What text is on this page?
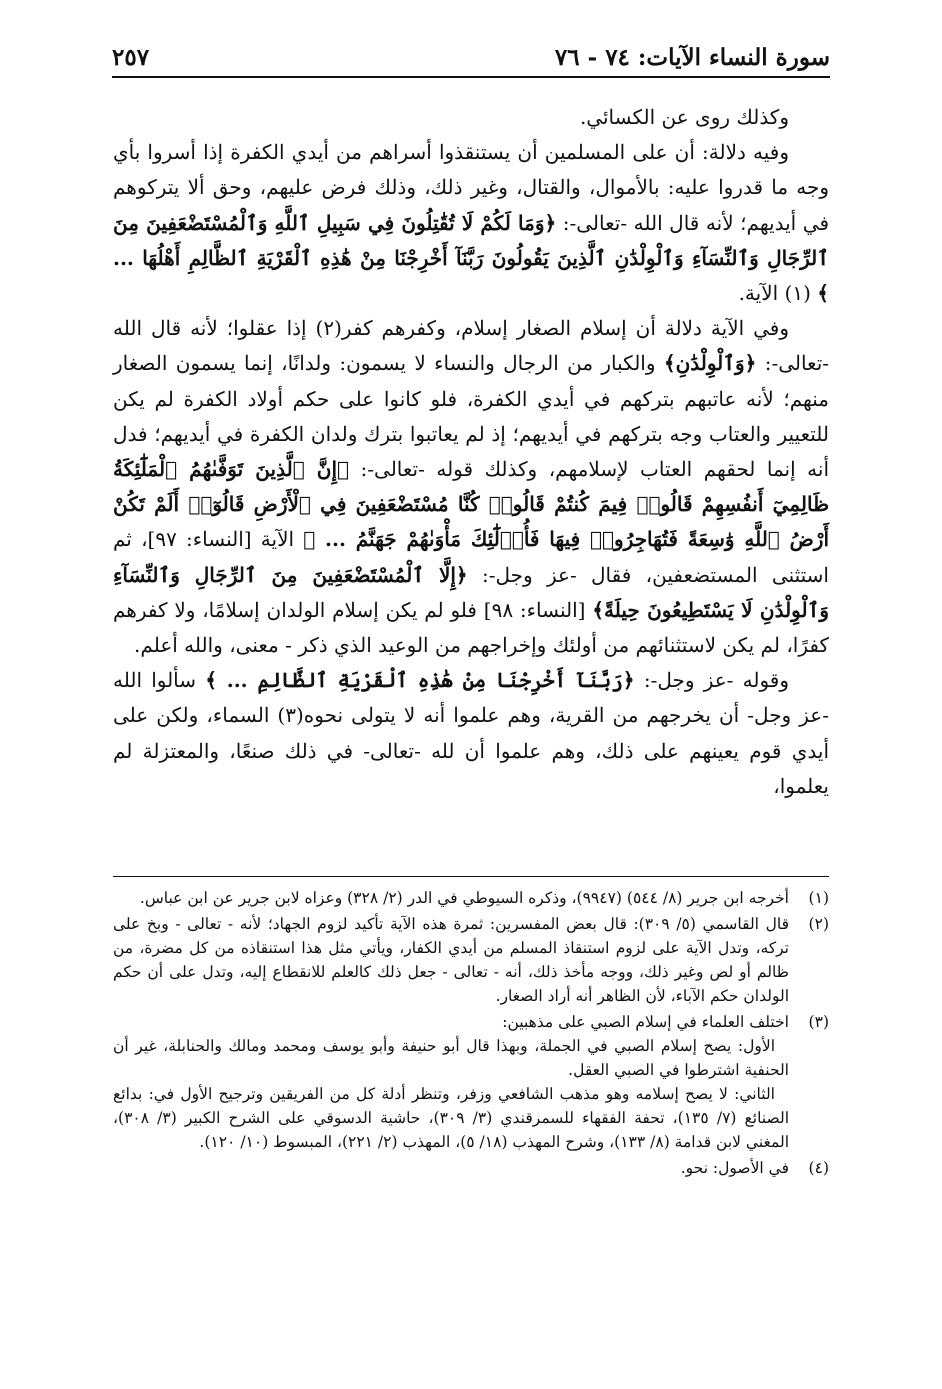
سورة النساء الآيات: ٧٤ - ٧٦
٢٥٧

وكذلك روى عن الكسائي.

وفيه دلالة: أن على المسلمين أن يستنقذوا أسراهم من أيدي الكفرة إذا أسروا بأي وجه ما قدروا عليه: بالأموال، والقتال، وغير ذلك، وذلك فرض عليهم، وحق ألا يتركوهم في أيديهم؛ لأنه قال الله -تعالى-: ﴿وَمَا لَكُمْ لَا تُقَٰتِلُونَ فِي سَبِيلِ ٱللَّهِ وَٱلْمُسْتَضْعَفِينَ مِنَ ٱلرِّجَالِ وَٱلنِّسَآءِ وَٱلْوِلْدَٰنِ ٱلَّذِينَ يَقُولُونَ رَبَّنَآ أَخْرِجْنَا مِنْ هَٰذِهِ ٱلْقَرْيَةِ ٱلظَّالِمِ أَهْلُهَا ... ﴾ (١) الآية.

وفي الآية دلالة أن إسلام الصغار إسلام، وكفرهم كفر(٢) إذا عقلوا؛ لأنه قال الله -تعالى-: ﴿وَٱلْوِلْدَٰنِ﴾ والكبار من الرجال والنساء لا يسمون: ولدانًا، إنما يسمون الصغار منهم؛ لأنه عاتبهم بتركهم في أيدي الكفرة، فلو كانوا على حكم أولاد الكفرة لم يكن للتعيير والعتاب وجه بتركهم في أيديهم؛ إذ لم يعاتبوا بترك ولدان الكفرة في أيديهم؛ فدل أنه إنما لحقهم العتاب لإسلامهم، وكذلك قوله -تعالى-: ﴿إِنَّ ٱلَّذِينَ تَوَفَّىٰهُمُ ٱلْمَلَٰٓئِكَةُ ظَالِمِيٓ أَنفُسِهِمْ قَالُوا۟ فِيمَ كُنتُمْ قَالُوا۟ كُنَّا مُسْتَضْعَفِينَ فِي ٱلْأَرْضِ قَالُوٓا۟ أَلَمْ تَكُنْ أَرْضُ ٱللَّهِ وَٰسِعَةً فَتُهَاجِرُوا۟ فِيهَا فَأُو۟لَٰٓئِكَ مَأْوَىٰهُمْ جَهَنَّمُ ... ﴾ الآية [النساء: ٩٧]، ثم استثنى المستضعفين، فقال -عز وجل-: ﴿إِلَّا ٱلْمُسْتَضْعَفِينَ مِنَ ٱلرِّجَالِ وَٱلنِّسَآءِ وَٱلْوِلْدَٰنِ لَا يَسْتَطِيعُونَ حِيلَةً﴾ [النساء: ٩٨] فلو لم يكن إسلام الولدان إسلامًا، ولا كفرهم كفرًا، لم يكن لاستثنائهم من أولئك وإخراجهم من الوعيد الذي ذكر - معنى، والله أعلم.

وقوله -عز وجل-: ﴿رَبَّنَآ أَخْرِجْنَا مِنْ هَٰذِهِ ٱلْقَرْيَةِ ٱلظَّالِمِ ... ﴾ سألوا الله -عز وجل- أن يخرجهم من القرية، وهم علموا أنه لا يتولى نحوه(٣) السماء، ولكن على أيدي قوم يعينهم على ذلك، وهم علموا أن لله -تعالى- في ذلك صنعًا، والمعتزلة لم يعلموا،

(١)
أخرجه ابن جرير (٨/ ٥٤٤) (٩٩٤٧)، وذكره السيوطي في الدر (٢/ ٣٢٨) وعزاه لابن جرير عن ابن عباس.
(٢)
قال القاسمي (٥/ ٣٠٩): قال بعض المفسرين: ثمرة هذه الآية تأكيد لزوم الجهاد؛ لأنه - تعالى - وبخ على تركه، وتدل الآية على لزوم استنقاذ المسلم من أيدي الكفار، ويأتي مثل هذا استنقاذه من كل مضرة، من ظالم أو لص وغير ذلك، ووجه مأخذ ذلك، أنه - تعالى - جعل ذلك كالعلم للانقطاع إليه، وتدل على أن حكم الولدان حكم الآباء، لأن الظاهر أنه أراد الصغار.
(٣)
اختلف العلماء في إسلام الصبي على مذهبين:
الأول: يصح إسلام الصبي في الجملة، وبهذا قال أبو حنيفة وأبو يوسف ومحمد ومالك والحنابلة، غير أن الحنفية اشترطوا في الصبي العقل.
الثاني: لا يصح إسلامه وهو مذهب الشافعي وزفر، وتنظر أدلة كل من الفريقين وترجيح الأول في: بدائع الصنائع (٧/ ١٣٥)، تحفة الفقهاء للسمرقندي (٣/ ٣٠٩)، حاشية الدسوقي على الشرح الكبير (٣/ ٣٠٨)، المغني لابن قدامة (٨/ ١٣٣)، وشرح المهذب (١٨/ ٥)، المهذب (٢/ ٢٢١)، المبسوط (١٠/ ١٢٠).
(٤)
في الأصول: نحو.
